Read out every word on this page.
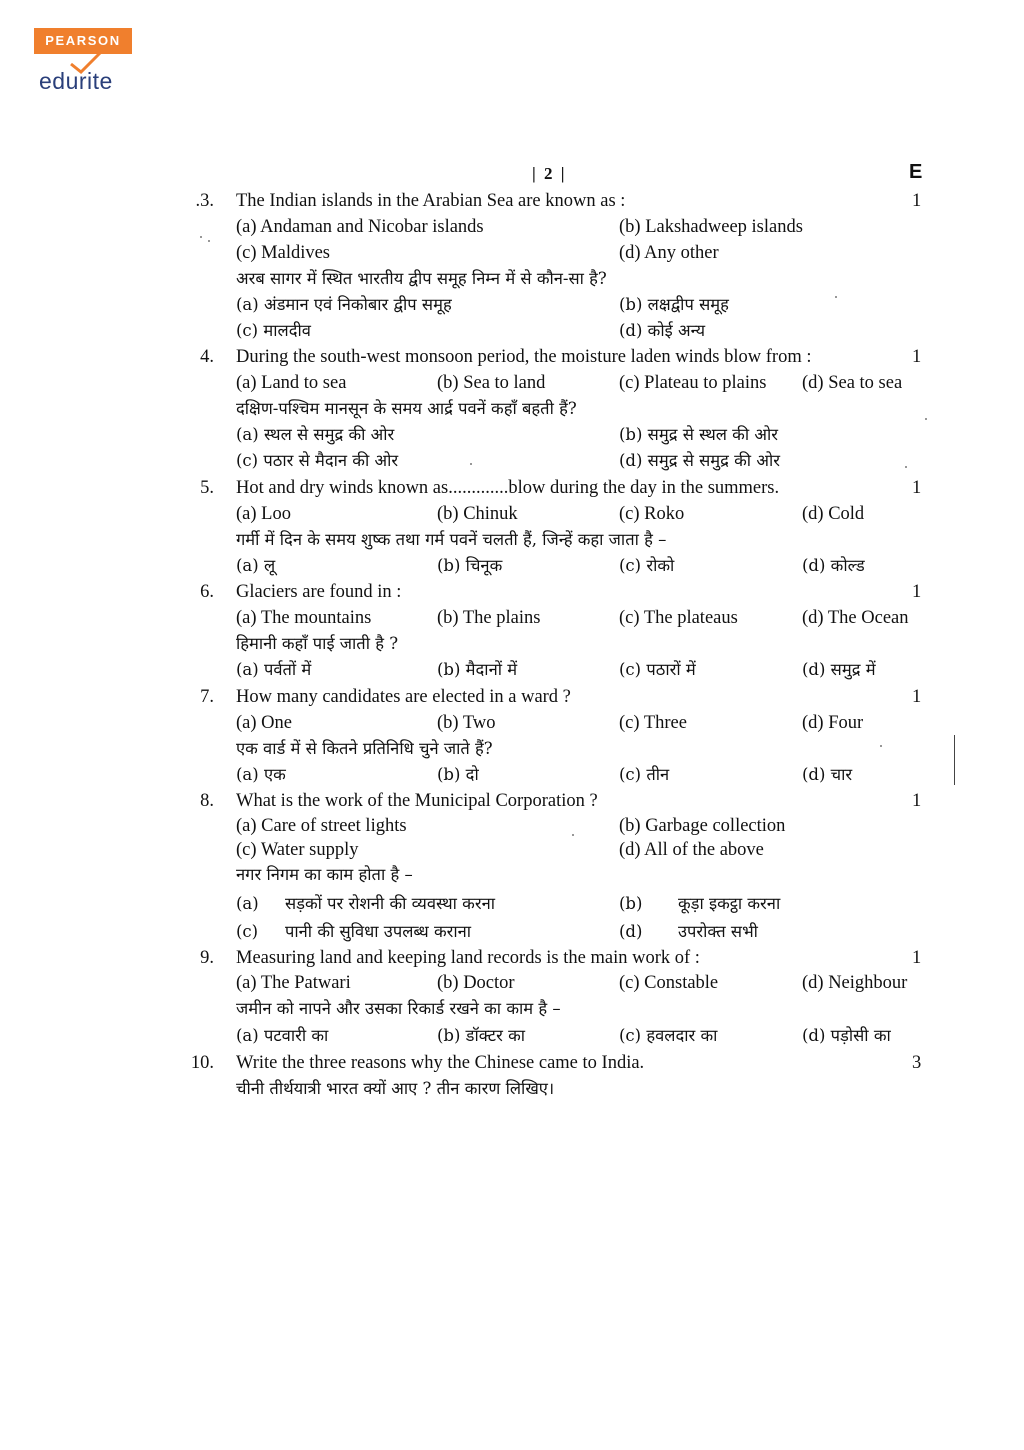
PEARSON
edurite
| 2 |	E
.3. The Indian islands in the Arabian Sea are known as :	1
(a) Andaman and Nicobar islands	(b) Lakshadweep islands
(c) Maldives	(d) Any other
अरब सागर में स्थित भारतीय द्वीप समूह निम्न में से कौन-सा है?
(a) अंडमान एवं निकोबार द्वीप समूह	(b) लक्षद्वीप समूह
(c) मालदीव	(d) कोई अन्य
4. During the south-west monsoon period, the moisture laden winds blow from :	1
(a) Land to sea	(b) Sea to land	(c) Plateau to plains (d) Sea to sea
दक्षिण-पश्चिम मानसून के समय आर्द्र पवनें कहाँ बहती हैं?
(a) स्थल से समुद्र की ओर	(b) समुद्र से स्थल की ओर
(c) पठार से मैदान की ओर	(d) समुद्र से समुद्र की ओर
5. Hot and dry winds known as.............blow during the day in the summers.	1
(a) Loo	(b) Chinuk	(c) Roko	(d) Cold
गर्मी में दिन के समय शुष्क तथा गर्म पवनें चलती हैं, जिन्हें कहा जाता है –
(a) लू	(b) चिनूक	(c) रोको	(d) कोल्ड
6. Glaciers are found in :	1
(a) The mountains	(b) The plains	(c) The plateaus	(d) The Ocean
हिमानी कहाँ पाई जाती है ?
(a) पर्वतों में	(b) मैदानों में	(c) पठारों में	(d) समुद्र में
7. How many candidates are elected in a ward ?	1
(a) One	(b) Two	(c) Three	(d) Four
एक वार्ड में से कितने प्रतिनिधि चुने जाते हैं?
(a) एक	(b) दो	(c) तीन	(d) चार
8. What is the work of the Municipal Corporation ?	1
(a) Care of street lights	(b) Garbage collection
(c) Water supply	(d) All of the above
नगर निगम का काम होता है –
(a) सड़कों पर रोशनी की व्यवस्था करना	(b) कूड़ा इकट्ठा करना
(c) पानी की सुविधा उपलब्ध कराना	(d) उपरोक्त सभी
9. Measuring land and keeping land records is the main work of :	1
(a) The Patwari	(b) Doctor	(c) Constable	(d) Neighbour
जमीन को नापने और उसका रिकार्ड रखने का काम है –
(a) पटवारी का	(b) डॉक्टर का	(c) हवलदार का	(d) पड़ोसी का
10. Write the three reasons why the Chinese came to India.	3
चीनी तीर्थयात्री भारत क्यों आए ? तीन कारण लिखिए।
